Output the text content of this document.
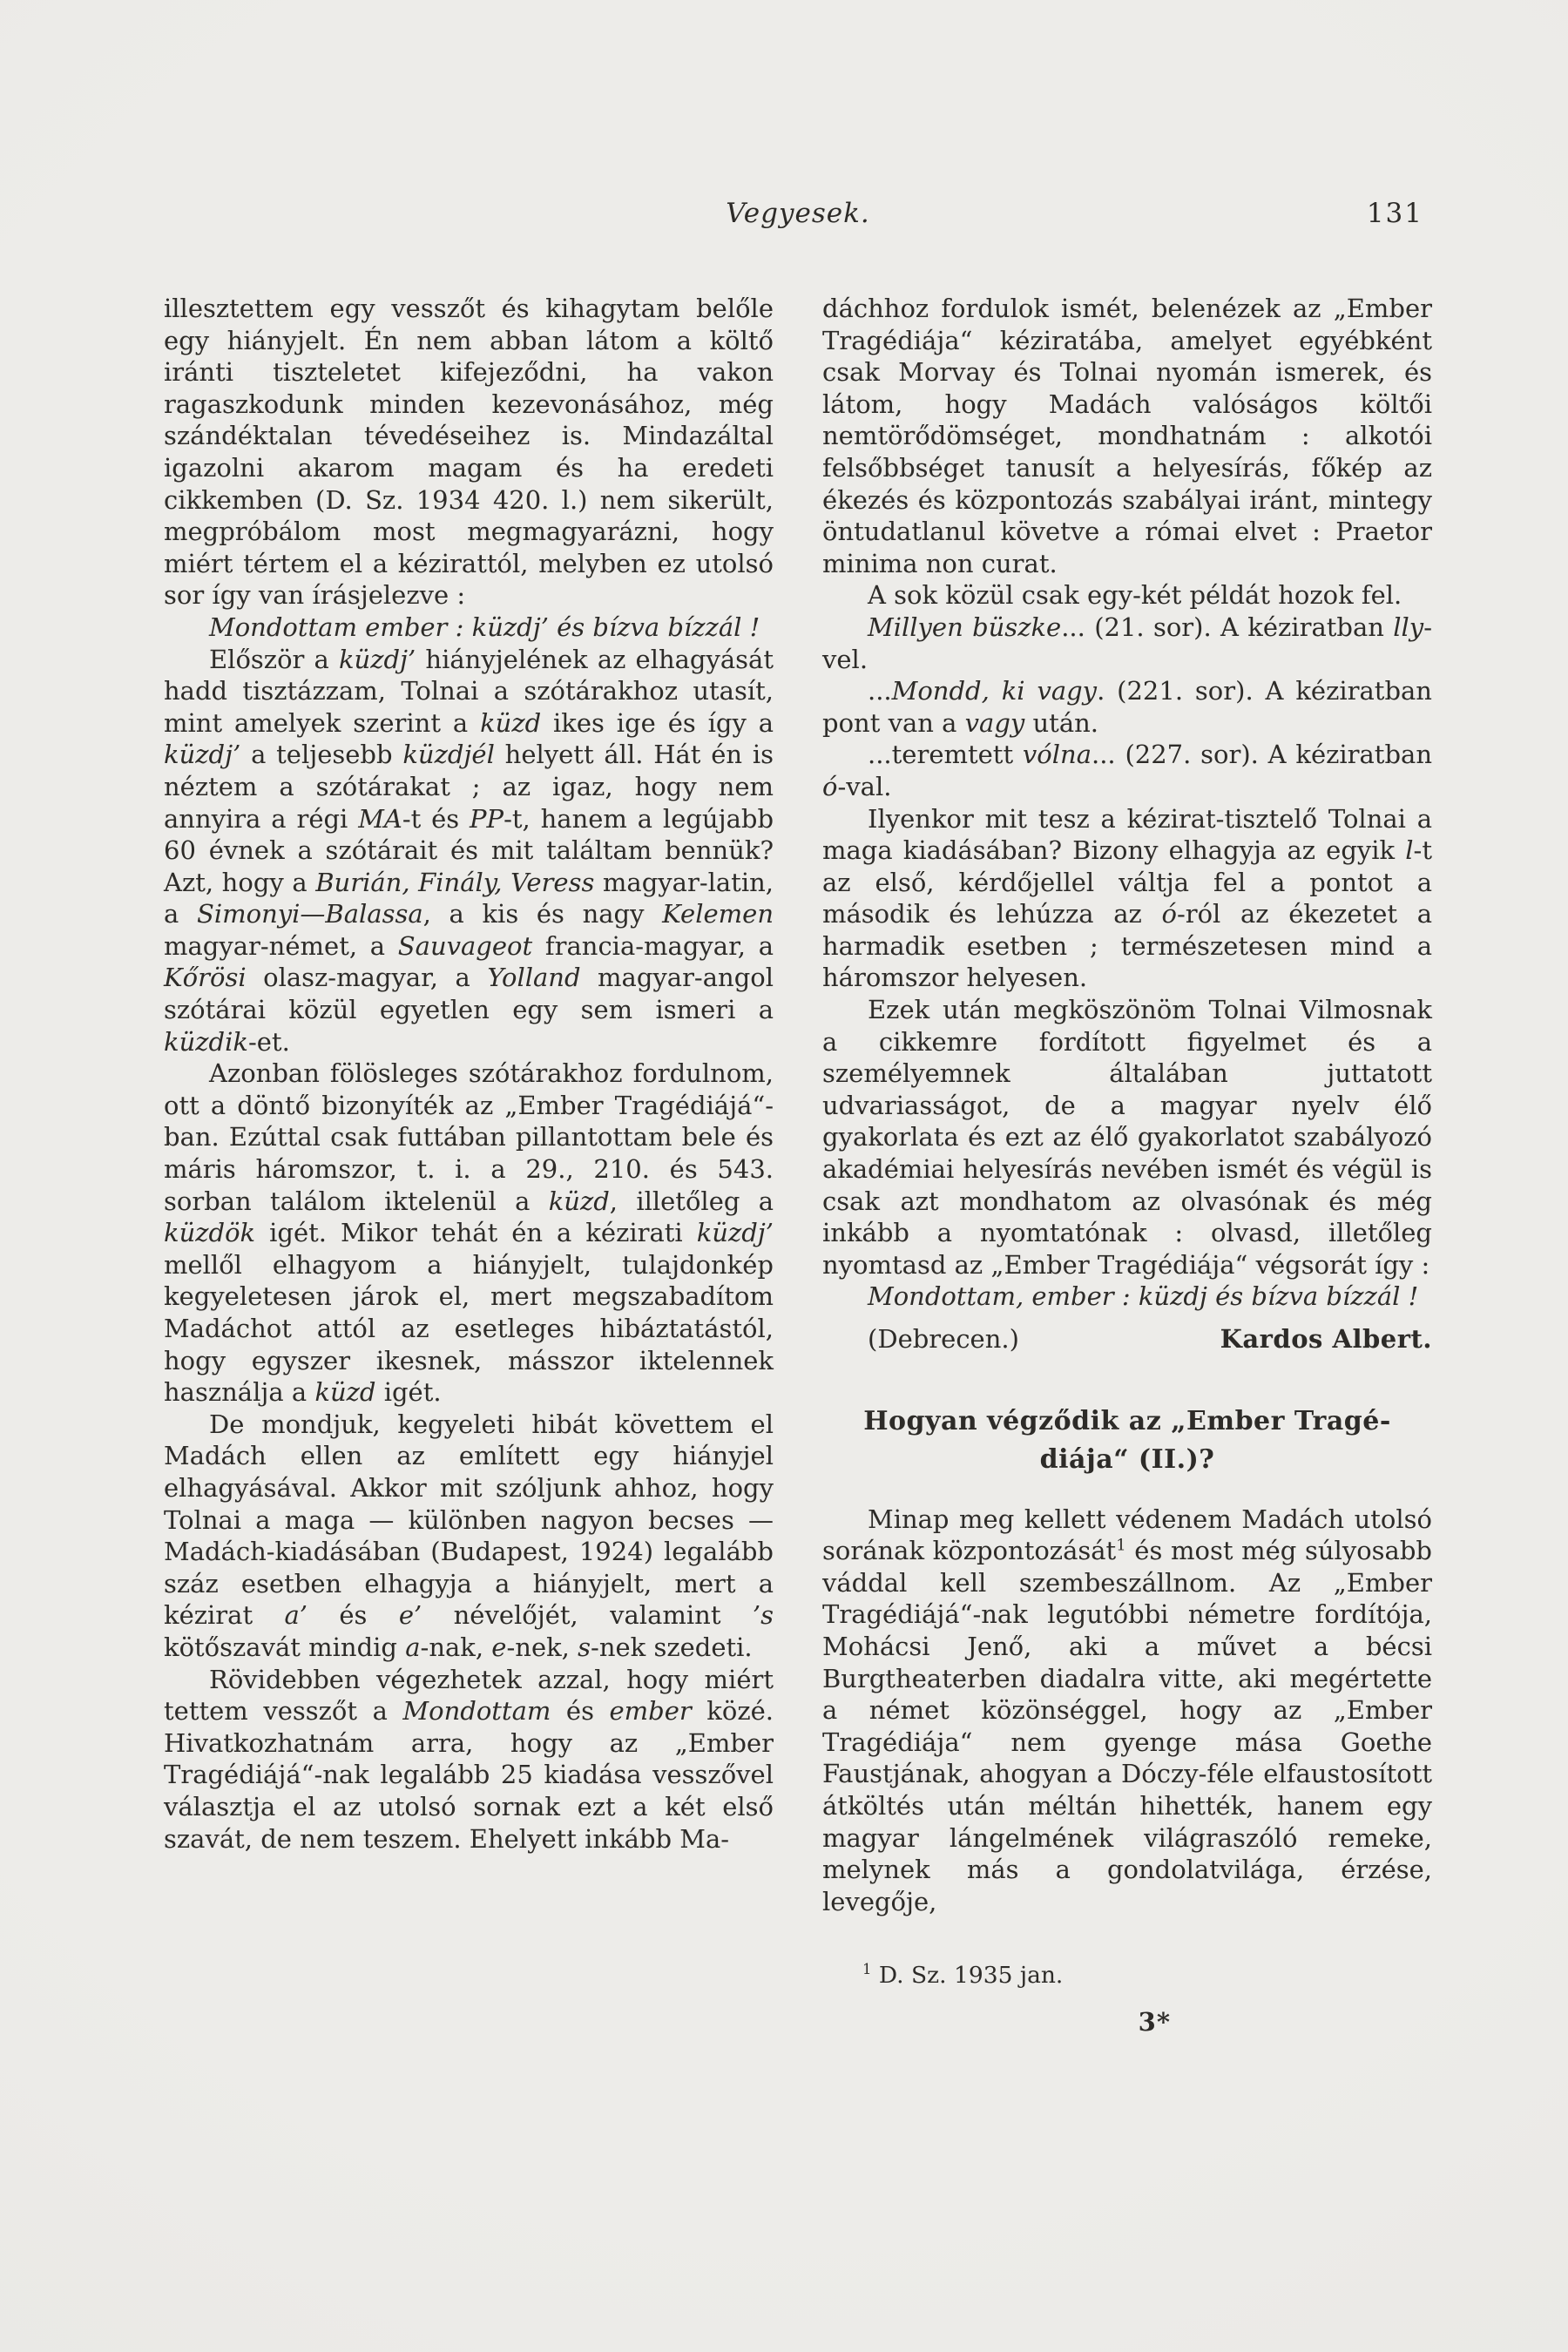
Vegyesek.	131

illesztettem egy vesszőt és kihagytam belőle egy hiányjelt. Én nem abban látom a költő iránti tiszteletet kifejeződni, ha vakon ragaszkodunk minden kezevonásához, még szándéktalan tévedéseihez is. Mindazáltal igazolni akarom magam és ha eredeti cikkemben (D. Sz. 1934 420. l.) nem sikerült, megpróbálom most megmagyarázni, hogy miért tértem el a kézirattól, melyben ez utolsó sor így van írásjelezve :

Mondottam ember : küzdj’ és bízva bízzál !

Először a küzdj’ hiányjelének az elhagyását hadd tisztázzam, Tolnai a szótárakhoz utasít, mint amelyek szerint a küzd ikes ige és így a küzdj’ a teljesebb küzdjél helyett áll. Hát én is néztem a szótárakat ; az igaz, hogy nem annyira a régi MA-t és PP-t, hanem a legújabb 60 évnek a szótárait és mit találtam bennük? Azt, hogy a Burián, Finály, Veress magyar-latin, a Simonyi—Balassa, a kis és nagy Kelemen magyar-német, a Sauvageot francia-magyar, a Kőrösi olasz-magyar, a Yolland magyar-angol szótárai közül egyetlen egy sem ismeri a küzdik-et.

Azonban fölösleges szótárakhoz fordulnom, ott a döntő bizonyíték az „Ember Tragédiájá“-ban. Ezúttal csak futtában pillantottam bele és máris háromszor, t. i. a 29., 210. és 543. sorban találom iktelenül a küzd, illetőleg a küzdök igét. Mikor tehát én a kézirati küzdj’ mellől elhagyom a hiányjelt, tulajdonkép kegyeletesen járok el, mert megszabadítom Madáchot attól az esetleges hibáztatástól, hogy egyszer ikesnek, másszor iktelennek használja a küzd igét.

De mondjuk, kegyeleti hibát követtem el Madách ellen az említett egy hiányjel elhagyásával. Akkor mit szóljunk ahhoz, hogy Tolnai a maga — különben nagyon becses — Madách-kiadásában (Budapest, 1924) legalább száz esetben elhagyja a hiányjelt, mert a kézirat a’ és e’ névelőjét, valamint ’s kötőszavát mindig a-nak, e-nek, s-nek szedeti.

Rövidebben végezhetek azzal, hogy miért tettem vesszőt a Mondottam és ember közé. Hivatkozhatnám arra, hogy az „Ember Tragédiájá“-nak legalább 25 kiadása vesszővel választja el az utolsó sornak ezt a két első szavát, de nem teszem. Ehelyett inkább Ma-

dáchhoz fordulok ismét, belenézek az „Ember Tragédiája“ kéziratába, amelyet egyébként csak Morvay és Tolnai nyomán ismerek, és látom, hogy Madách valóságos költői nemtörődömséget, mondhatnám : alkotói felsőbbséget tanusít a helyesírás, főkép az ékezés és központozás szabályai iránt, mintegy öntudatlanul követve a római elvet : Praetor minima non curat.

A sok közül csak egy-két példát hozok fel.

Millyen büszke... (21. sor). A kéziratban lly-vel.

...Mondd, ki vagy. (221. sor). A kéziratban pont van a vagy után.

...teremtett vólna... (227. sor). A kéziratban ó-val.

Ilyenkor mit tesz a kézirat-tisztelő Tolnai a maga kiadásában? Bizony elhagyja az egyik l-t az első, kérdőjellel váltja fel a pontot a második és lehúzza az ó-ról az ékezetet a harmadik esetben ; természetesen mind a háromszor helyesen.

Ezek után megköszönöm Tolnai Vilmosnak a cikkemre fordított figyelmet és a személyemnek általában juttatott udvariasságot, de a magyar nyelv élő gyakorlata és ezt az élő gyakorlatot szabályozó akadémiai helyesírás nevében ismét és végül is csak azt mondhatom az olvasónak és még inkább a nyomtatónak : olvasd, illetőleg nyomtasd az „Ember Tragédiája“ végsorát így :

Mondottam, ember : küzdj és bízva bízzál !

(Debrecen.)	Kardos Albert.
Hogyan végződik az „Ember Tragé-
diája“ (II.)?

Minap meg kellett védenem Madách utolsó sorának központozását$^1$ és most még súlyosabb váddal kell szembeszállnom. Az „Ember Tragédiájá“-nak legutóbbi németre fordítója, Mohácsi Jenő, aki a művet a bécsi Burgtheaterben diadalra vitte, aki megértette a német közönséggel, hogy az „Ember Tragédiája“ nem gyenge mása Goethe Faustjának, ahogyan a Dóczy-féle elfaustosított átköltés után méltán hihették, hanem egy magyar lángelmének világraszóló remeke, melynek más a gondolatvilága, érzése, levegője,

$^1$ D. Sz. 1935 jan.

3*
